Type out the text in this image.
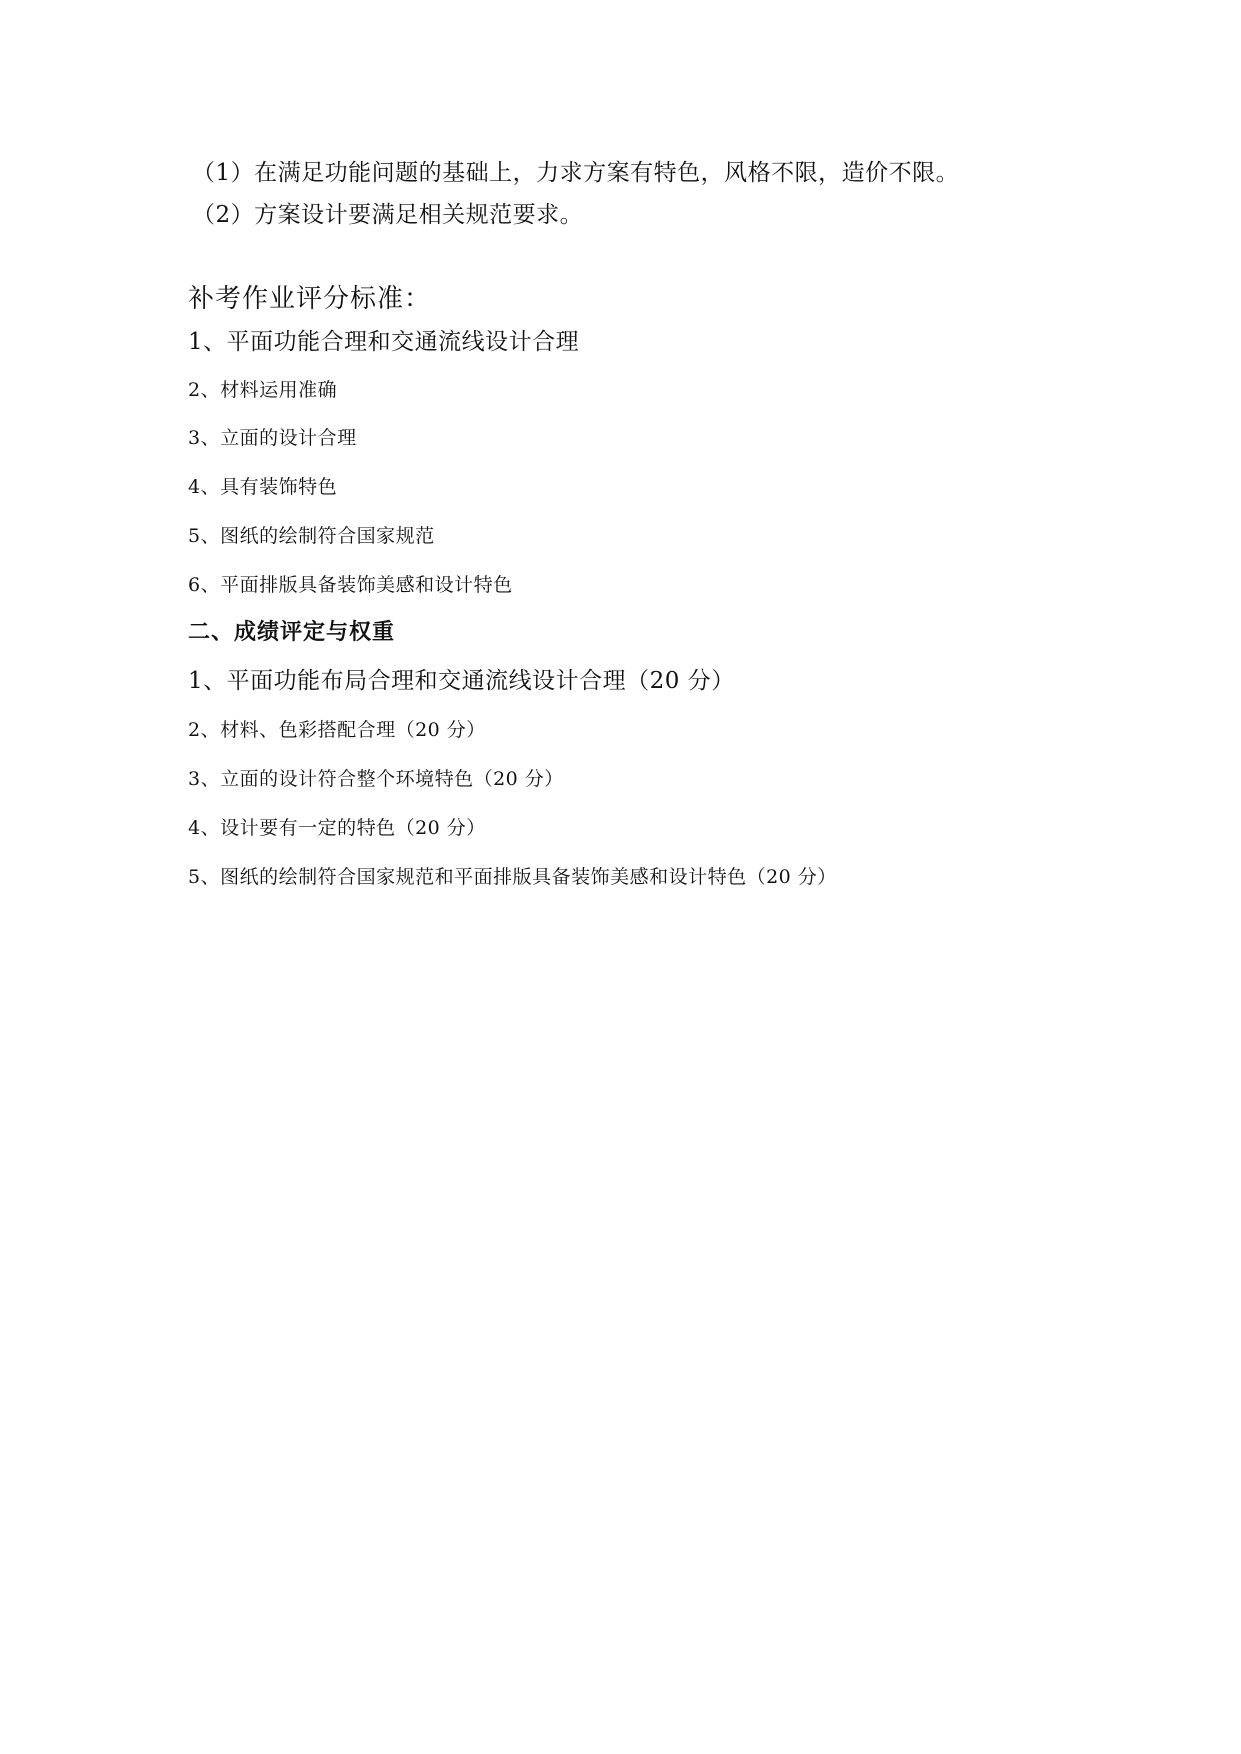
（1）在满足功能问题的基础上，力求方案有特色，风格不限，造价不限。
（2）方案设计要满足相关规范要求。
补考作业评分标准：
1、平面功能合理和交通流线设计合理
2、材料运用准确
3、立面的设计合理
4、具有装饰特色
5、图纸的绘制符合国家规范
6、平面排版具备装饰美感和设计特色
二、成绩评定与权重
1、平面功能布局合理和交通流线设计合理（20 分）
2、材料、色彩搭配合理（20 分）
3、立面的设计符合整个环境特色（20 分）
4、设计要有一定的特色（20 分）
5、图纸的绘制符合国家规范和平面排版具备装饰美感和设计特色（20 分）
